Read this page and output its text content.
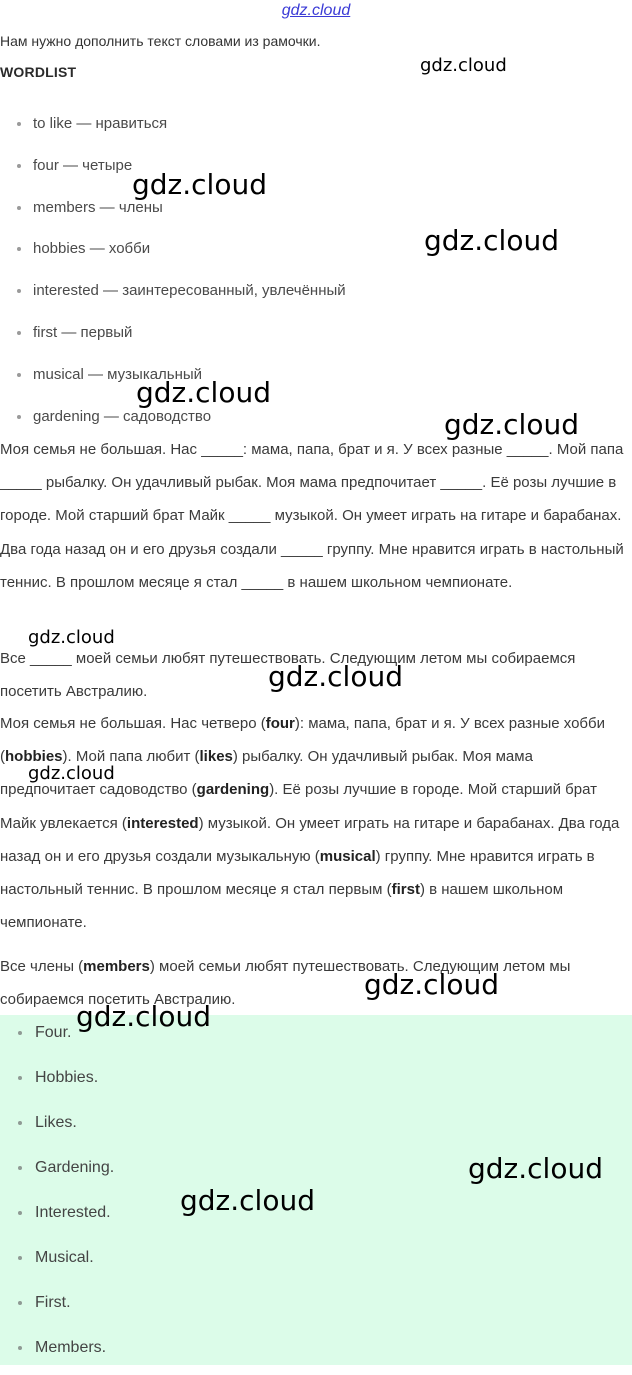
gdz.cloud
Нам нужно дополнить текст словами из рамочки.
WORDLIST
to like — нравиться
four — четыре
members — члены
hobbies — хобби
interested — заинтересованный, увлечённый
first — первый
musical — музыкальный
gardening — садоводство

Моя семья не большая. Нас _____: мама, папа, брат и я. У всех разные _____. Мой папа _____ рыбалку. Он удачливый рыбак. Моя мама предпочитает _____. Её розы лучшие в городе. Мой старший брат Майк _____ музыкой. Он умеет играть на гитаре и барабанах. Два года назад он и его друзья создали _____ группу. Мне нравится играть в настольный теннис. В прошлом месяце я стал _____ в нашем школьном чемпионате.

Все _____ моей семьи любят путешествовать. Следующим летом мы собираемся посетить Австралию.

Моя семья не большая. Нас четверо (four): мама, папа, брат и я. У всех разные хобби (hobbies). Мой папа любит (likes) рыбалку. Он удачливый рыбак. Моя мама предпочитает садоводство (gardening). Её розы лучшие в городе. Мой старший брат Майк увлекается (interested) музыкой. Он умеет играть на гитаре и барабанах. Два года назад он и его друзья создали музыкальную (musical) группу. Мне нравится играть в настольный теннис. В прошлом месяце я стал первым (first) в нашем школьном чемпионате.

Все члены (members) моей семьи любят путешествовать. Следующим летом мы собираемся посетить Австралию.

Four.
Hobbies.
Likes.
Gardening.
Interested.
Musical.
First.
Members.
gdz.cloud
gdz.cloud
gdz.cloud
gdz.cloud
gdz.cloud
gdz.cloud
gdz.cloud
gdz.cloud
gdz.cloud
gdz.cloud
gdz.cloud
gdz.cloud
